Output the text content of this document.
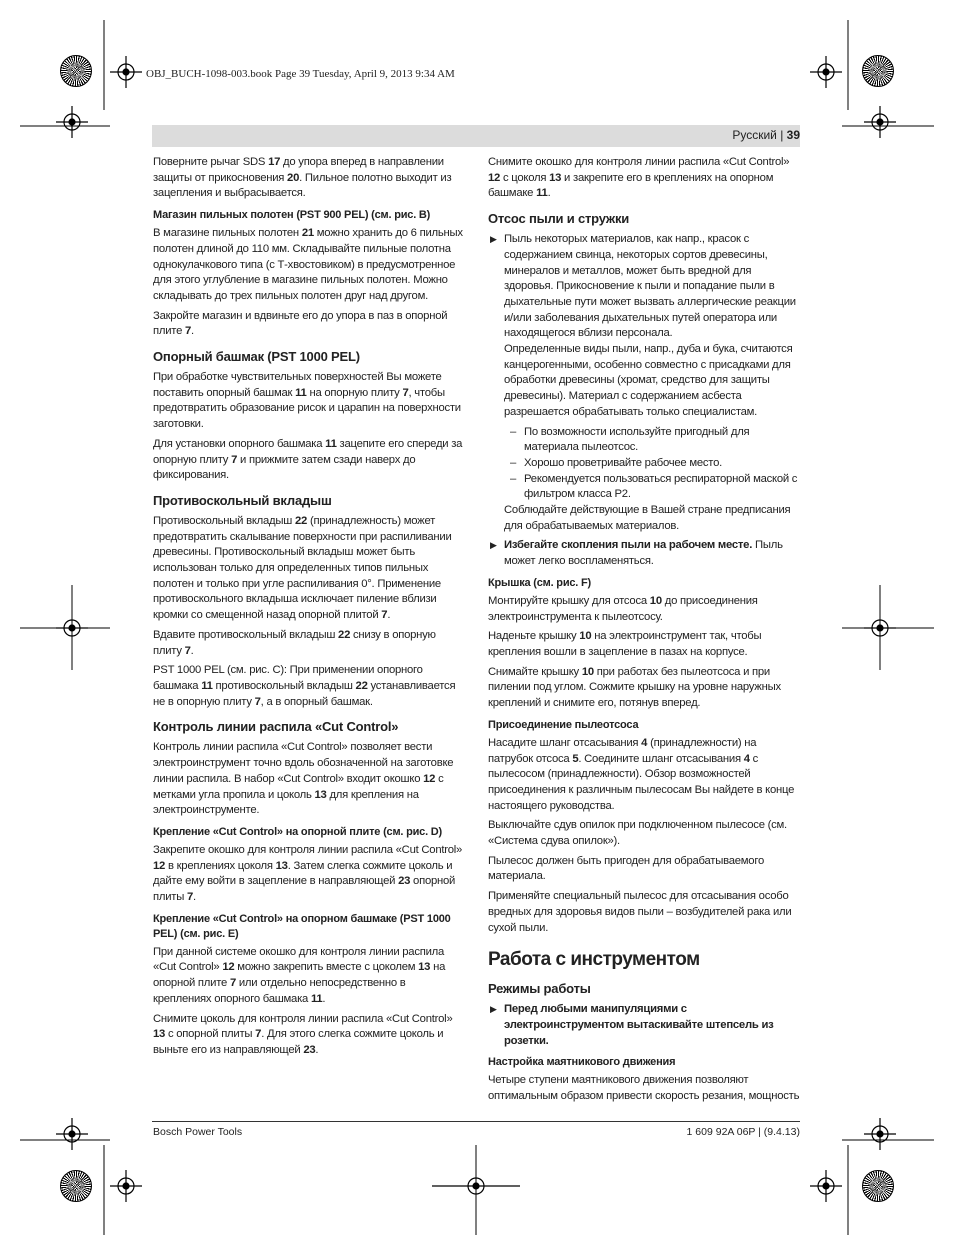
OBJ_BUCH-1098-003.book Page 39 Tuesday, April 9, 2013 9:34 AM
Русский | 39

Поверните рычаг SDS 17 до упора вперед в направлении защиты от прикосновения 20. Пильное полотно выходит из зацепления и выбрасывается.

Магазин пильных полотен (PST 900 PEL) (см. рис. B)

В магазине пильных полотен 21 можно хранить до 6 пильных полотен длиной до 110 мм. Складывайте пильные полотна однокулачкового типа (с Т-хвостовиком) в предусмотренное для этого углубление в магазине пильных полотен. Можно складывать до трех пильных полотен друг над другом.

Закройте магазин и вдвиньте его до упора в паз в опорной плите 7.

Опорный башмак (PST 1000 PEL)

При обработке чувствительных поверхностей Вы можете поставить опорный башмак 11 на опорную плиту 7, чтобы предотвратить образование рисок и царапин на поверхности заготовки.

Для установки опорного башмака 11 зацепите его спереди за опорную плиту 7 и прижмите затем сзади наверх до фиксирования.

Противоскольный вкладыш

Противоскольный вкладыш 22 (принадлежность) может предотвратить скалывание поверхности при распиливании древесины. Противоскольный вкладыш может быть использован только для определенных типов пильных полотен и только при угле распиливания 0°. Применение противоскольного вкладыша исключает пиление вблизи кромки со смещенной назад опорной плитой 7.

Вдавите противоскольный вкладыш 22 снизу в опорную плиту 7.

PST 1000 PEL (см. рис. C): При применении опорного башмака 11 противоскольный вкладыш 22 устанавливается не в опорную плиту 7, а в опорный башмак.

Контроль линии распила «Cut Control»

Контроль линии распила «Cut Control» позволяет вести электроинструмент точно вдоль обозначенной на заготовке линии распила. В набор «Cut Control» входит окошко 12 с метками угла пропила и цоколь 13 для крепления на электроинструменте.

Крепление «Cut Control» на опорной плите (см. рис. D)

Закрепите окошко для контроля линии распила «Cut Control» 12 в креплениях цоколя 13. Затем слегка сожмите цоколь и дайте ему войти в зацепление в направляющей 23 опорной плиты 7.

Крепление «Cut Control» на опорном башмаке (PST 1000 PEL) (см. рис. E)

При данной системе окошко для контроля линии распила «Cut Control» 12 можно закрепить вместе с цоколем 13 на опорной плите 7 или отдельно непосредственно в креплениях опорного башмака 11.

Снимите цоколь для контроля линии распила «Cut Control» 13 с опорной плиты 7. Для этого слегка сожмите цоколь и выньте его из направляющей 23.

Снимите окошко для контроля линии распила «Cut Control» 12 с цоколя 13 и закрепите его в креплениях на опорном башмаке 11.

Отсос пыли и стружки
▶ Пыль некоторых материалов, как напр., красок с содержанием свинца, некоторых сортов древесины, минералов и металлов, может быть вредной для здоровья. Прикосновение к пыли и попадание пыли в дыхательные пути может вызвать аллергические реакции и/или заболевания дыхательных путей оператора или находящегося вблизи персонала.
Определенные виды пыли, напр., дуба и бука, считаются канцерогенными, особенно совместно с присадками для обработки древесины (хромат, средство для защиты древесины). Материал с содержанием асбеста разрешается обрабатывать только специалистам.
– По возможности используйте пригодный для материала пылеотсос.
– Хорошо проветривайте рабочее место.
– Рекомендуется пользоваться респираторной маской с фильтром класса P2.

Соблюдайте действующие в Вашей стране предписания для обрабатываемых материалов.

▶ Избегайте скопления пыли на рабочем месте. Пыль может легко воспламеняться.
Крышка (см. рис. F)

Монтируйте крышку для отсоса 10 до присоединения электроинструмента к пылеотсосу.

Наденьте крышку 10 на электроинструмент так, чтобы крепления вошли в зацепление в пазах на корпусе.

Снимайте крышку 10 при работах без пылеотсоса и при пилении под углом. Сожмите крышку на уровне наружных креплений и снимите его, потянув вперед.

Присоединение пылеотсоса

Насадите шланг отсасывания 4 (принадлежности) на патрубок отсоса 5. Соедините шланг отсасывания 4 с пылесосом (принадлежности). Обзор возможностей присоединения к различным пылесосам Вы найдете в конце настоящего руководства.

Выключайте сдув опилок при подключенном пылесосе (см. «Система сдува опилок»).

Пылесос должен быть пригоден для обрабатываемого материала.

Применяйте специальный пылесос для отсасывания особо вредных для здоровья видов пыли – возбудителей рака или сухой пыли.

Работа с инструментом
Режимы работы
▶ Перед любыми манипуляциями с электроинструментом вытаскивайте штепсель из розетки.
Настройка маятникового движения

Четыре ступени маятникового движения позволяют оптимальным образом привести скорость резания, мощность

Bosch Power Tools	1 609 92A 06P | (9.4.13)
